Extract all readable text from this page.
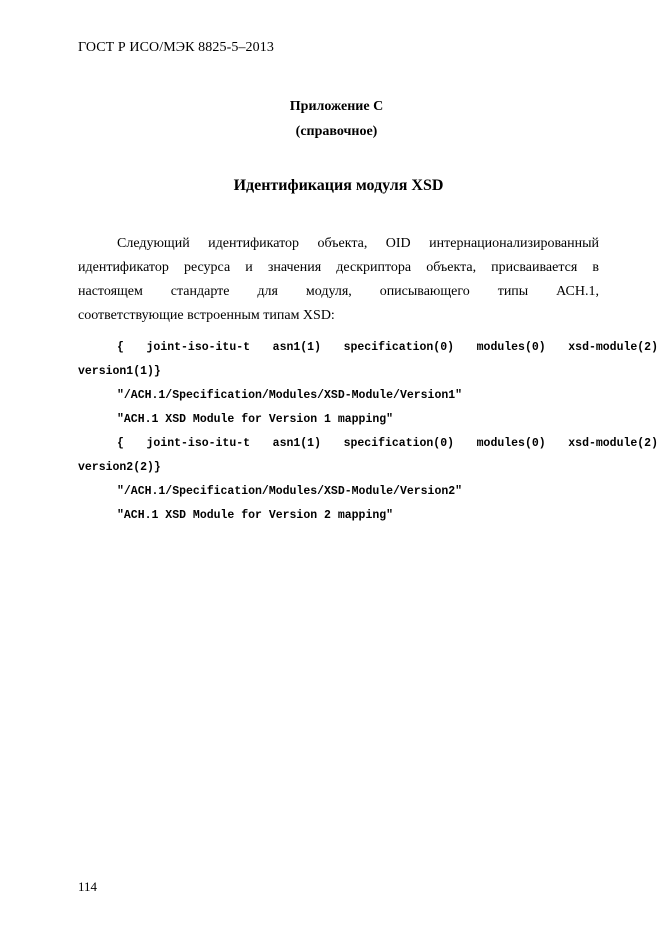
ГОСТ Р ИСО/МЭК 8825-5–2013
Приложение С
(справочное)
Идентификация модуля XSD
Следующий идентификатор объекта, OID интернационализированный
идентификатор ресурса и значения дескриптора объекта, присваивается в
настоящем стандарте для модуля, описывающего типы АСН.1,
соответствующие встроенным типам XSD:
{ joint-iso-itu-t asn1(1) specification(0) modules(0) xsd-module(2)
version1(1)}
"/ACH.1/Specification/Modules/XSD-Module/Version1"
"ACH.1 XSD Module for Version 1 mapping"
{ joint-iso-itu-t asn1(1) specification(0) modules(0) xsd-module(2)
version2(2)}
"/ACH.1/Specification/Modules/XSD-Module/Version2"
"ACH.1 XSD Module for Version 2 mapping"
114
